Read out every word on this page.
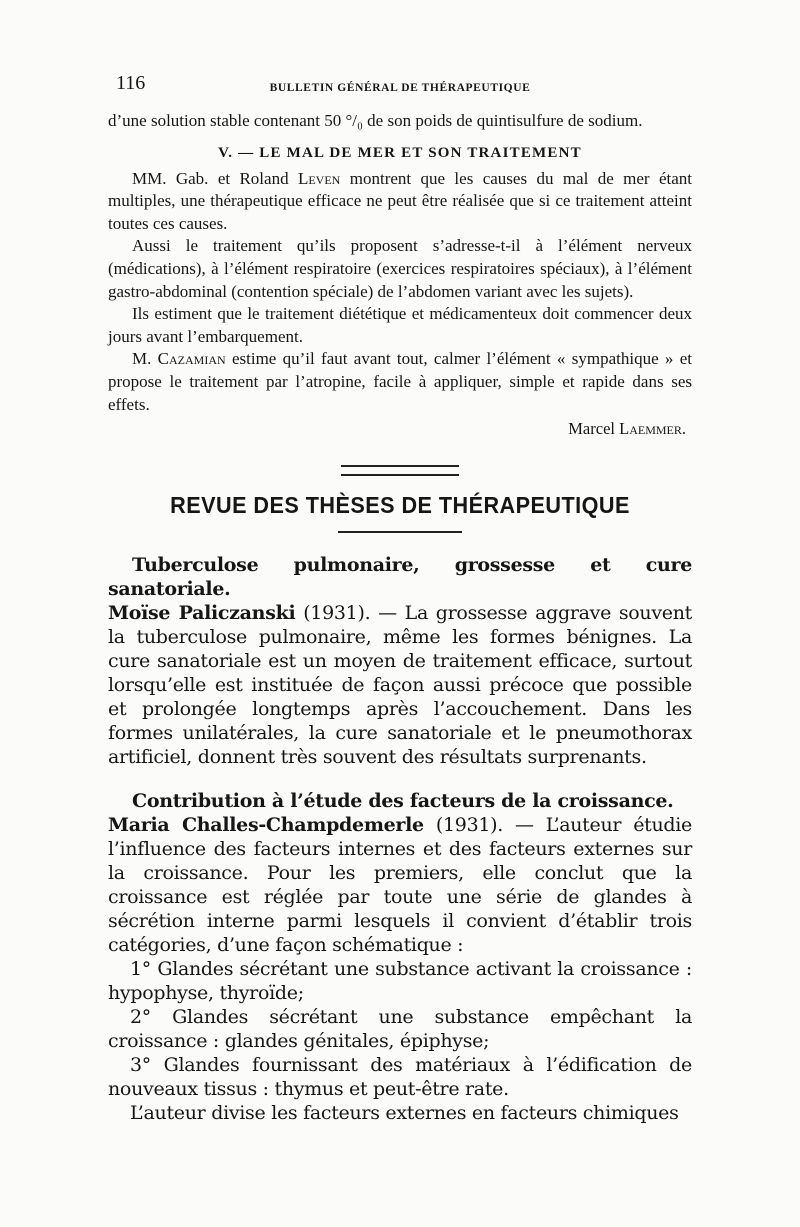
116	BULLETIN GÉNÉRAL DE THÉRAPEUTIQUE

d’une solution stable contenant 50 °/₀ de son poids de quintisulfure de sodium.

V. — LE MAL DE MER ET SON TRAITEMENT

MM. Gab. et Roland Leven montrent que les causes du mal de mer étant multiples, une thérapeutique efficace ne peut être réalisée que si ce traitement atteint toutes ces causes.

Aussi le traitement qu’ils proposent s’adresse-t-il à l’élément nerveux (médications), à l’élément respiratoire (exercices respiratoires spéciaux), à l’élément gastro-abdominal (contention spéciale) de l’abdomen variant avec les sujets).

Ils estiment que le traitement diététique et médicamenteux doit commencer deux jours avant l’embarquement.

M. Cazamian estime qu’il faut avant tout, calmer l’élément « sympathique » et propose le traitement par l’atropine, facile à appliquer, simple et rapide dans ses effets.

Marcel Laemmer.

REVUE DES THÈSES DE THÉRAPEUTIQUE

Tuberculose pulmonaire, grossesse et cure sanatoriale.

Moïse Paliczanski (1931). — La grossesse aggrave souvent la tuberculose pulmonaire, même les formes bénignes. La cure sanatoriale est un moyen de traitement efficace, surtout lorsqu’elle est instituée de façon aussi précoce que possible et prolongée longtemps après l’accouchement. Dans les formes unilatérales, la cure sanatoriale et le pneumothorax artificiel, donnent très souvent des résultats surprenants.

Contribution à l’étude des facteurs de la croissance.

Maria Challes-Champdemerle (1931). — L’auteur étudie l’influence des facteurs internes et des facteurs externes sur la croissance. Pour les premiers, elle conclut que la croissance est réglée par toute une série de glandes à sécrétion interne parmi lesquels il convient d’établir trois catégories, d’une façon schématique :

1° Glandes sécrétant une substance activant la croissance : hypophyse, thyroïde;

2° Glandes sécrétant une substance empêchant la croissance : glandes génitales, épiphyse;

3° Glandes fournissant des matériaux à l’édification de nouveaux tissus : thymus et peut-être rate.

L’auteur divise les facteurs externes en facteurs chimiques
